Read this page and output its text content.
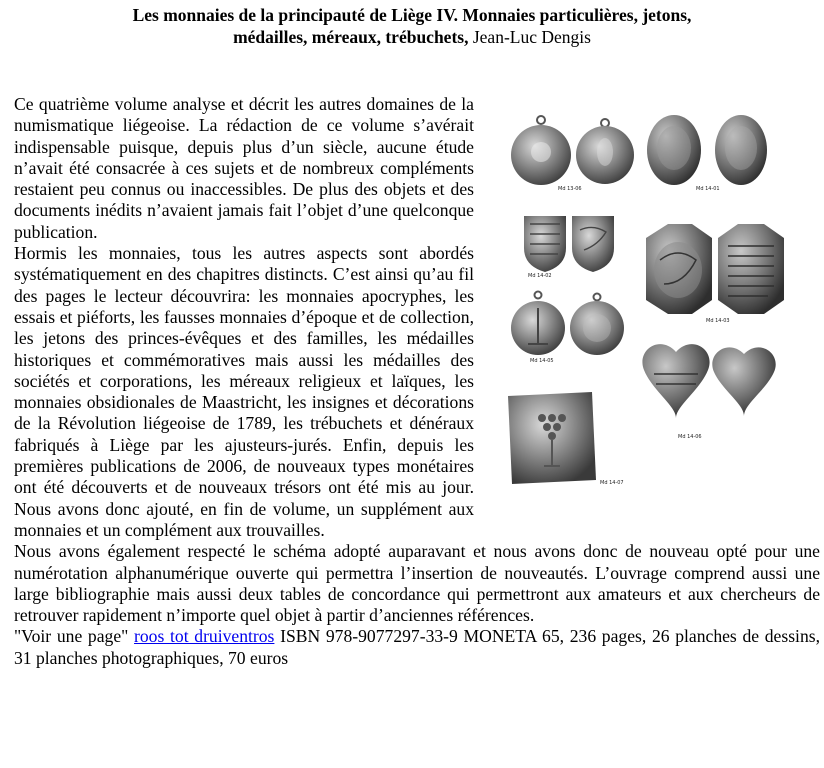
Les monnaies de la principauté de Liège IV. Monnaies particulières, jetons,
médailles, méreaux, trébuchets, Jean-Luc Dengis
Md 13-06	Md 14-01
Md 14-02
Md 14-03
Md 14-05
Md 14-06
Md 14-07

Ce quatrième volume analyse et décrit les autres domaines de la numismatique liégeoise. La rédaction de ce volume s’avérait indispensable puisque, depuis plus d’un siècle, aucune étude n’avait été consacrée à ces sujets et de nombreux compléments restaient peu connus ou inaccessibles. De plus des objets et des documents inédits n’avaient jamais fait l’objet d’une quelconque publication.

Hormis les monnaies, tous les autres aspects sont abordés systématiquement en des chapitres distincts. C’est ainsi qu’au fil des pages le lecteur découvrira: les monnaies apocryphes, les essais et piéforts, les fausses monnaies d’époque et de collection, les jetons des princes-évêques et des familles, les médailles historiques et commémoratives mais aussi les médailles des sociétés et corporations, les méreaux religieux et laïques, les monnaies obsidionales de Maastricht, les insignes et décorations de la Révolution liégeoise de 1789, les trébuchets et dénéraux fabriqués à Liège par les ajusteurs-jurés. Enfin, depuis les premières publications de 2006, de nouveaux types monétaires ont été découverts et de nouveaux trésors ont été mis au jour. Nous avons donc ajouté, en fin de volume, un supplément aux monnaies et un complément aux trouvailles.

Nous avons également respecté le schéma adopté auparavant et nous avons donc de nouveau opté pour une numérotation alphanumérique ouverte qui permettra l’insertion de nouveautés. L’ouvrage comprend aussi une large bibliographie mais aussi deux tables de concordance qui permettront aux amateurs et aux chercheurs de retrouver rapidement n’importe quel objet à partir d’anciennes références.

"Voir une page" roos tot druiventros ISBN 978-9077297-33-9 MONETA 65, 236 pages, 26 planches de dessins, 31 planches photographiques, 70 euros
